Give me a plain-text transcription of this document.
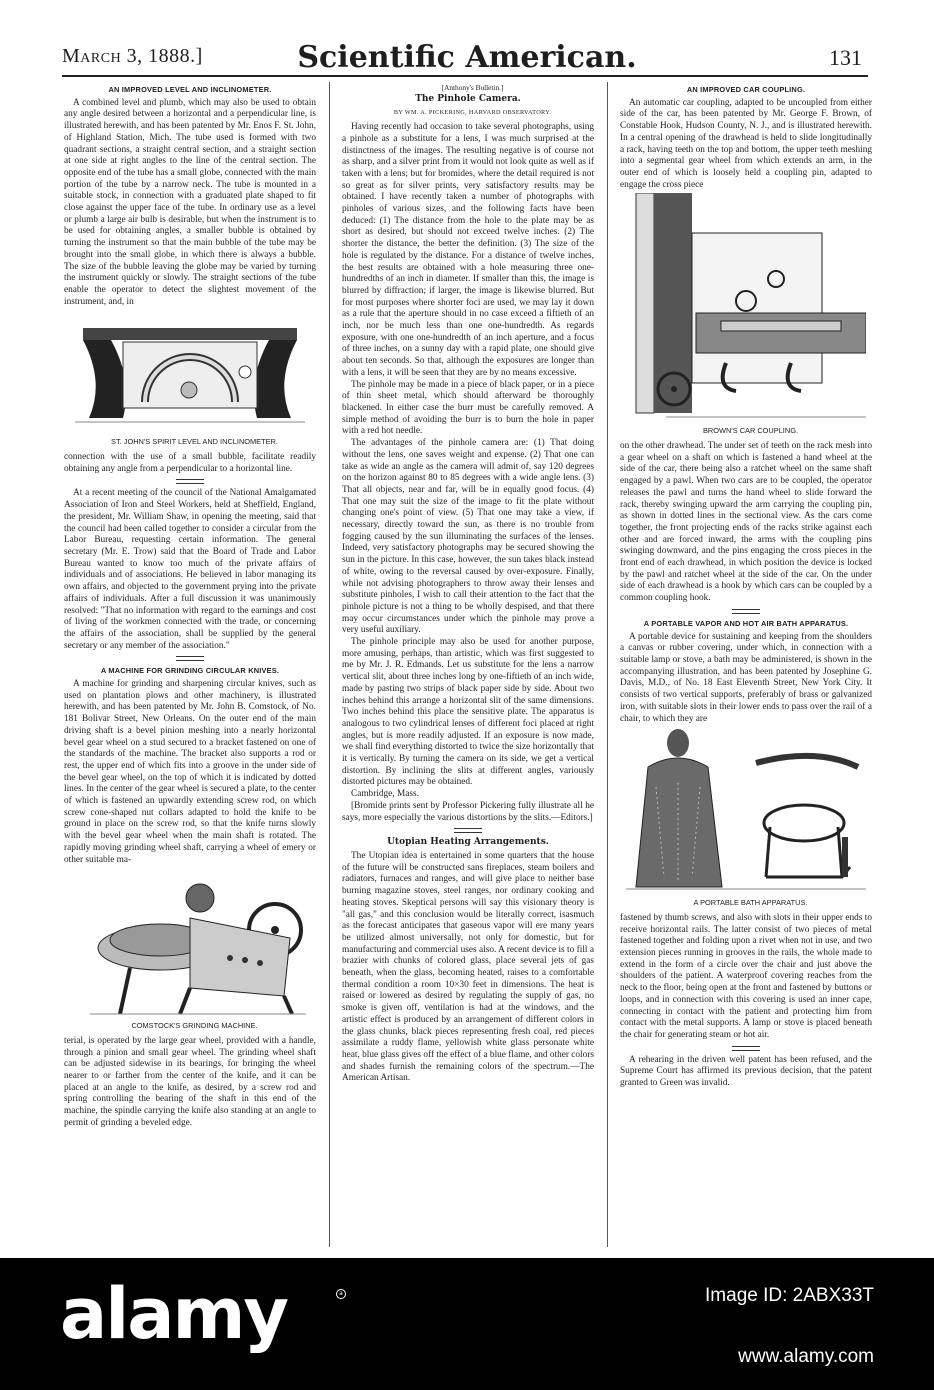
March 3, 1888.]	Scientific American.	131
AN IMPROVED LEVEL AND INCLINOMETER.

A combined level and plumb, which may also be used to obtain any angle desired between a horizontal and a perpendicular line, is illustrated herewith, and has been patented by Mr. Enos F. St. John, of Highland Station, Mich. The tube used is formed with two quadrant sections, a straight central section, and a straight section at one side at right angles to the line of the central section. The opposite end of the tube has a small globe, connected with the main portion of the tube by a narrow neck. The tube is mounted in a suitable stock, in connection with a graduated plate shaped to fit close against the upper face of the tube. In ordinary use as a level or plumb a large air bulb is desirable, but when the instrument is to be used for obtaining angles, a smaller bubble is obtained by turning the instrument so that the main bubble of the tube may be brought into the small globe, in which there is always a bubble. The size of the bubble leaving the globe may be varied by turning the instrument quickly or slowly. The straight sections of the tube enable the operator to detect the slightest movement of the instrument, and, in

ST. JOHN'S SPIRIT LEVEL AND INCLINOMETER.

connection with the use of a small bubble, facilitate readily obtaining any angle from a perpendicular to a horizontal line.

At a recent meeting of the council of the National Amalgamated Association of Iron and Steel Workers, held at Sheffield, England, the president, Mr. William Shaw, in opening the meeting, said that the council had been called together to consider a circular from the Labor Bureau, requesting certain information. The general secretary (Mr. E. Trow) said that the Board of Trade and Labor Bureau wanted to know too much of the private affairs of individuals and of associations. He believed in labor managing its own affairs, and objected to the government prying into the private affairs of individuals. After a full discussion it was unanimously resolved: "That no information with regard to the earnings and cost of living of the workmen connected with the trade, or concerning the affairs of the association, shall be supplied by the general secretary or any member of the association."

A MACHINE FOR GRINDING CIRCULAR KNIVES.

A machine for grinding and sharpening circular knives, such as used on plantation plows and other machinery, is illustrated herewith, and has been patented by Mr. John B. Comstock, of No. 181 Bolivar Street, New Orleans. On the outer end of the main driving shaft is a bevel pinion meshing into a nearly horizontal bevel gear wheel on a stud secured to a bracket fastened on one of the standards of the machine. The bracket also supports a rod or rest, the upper end of which fits into a groove in the under side of the bevel gear wheel, on the top of which it is indicated by dotted lines. In the center of the gear wheel is secured a plate, to the center of which is fastened an upwardly extending screw rod, on which screw cone-shaped nut collars adapted to hold the knife to be ground in place on the screw rod, so that the knife turns slowly with the bevel gear wheel when the main shaft is rotated. The rapidly moving grinding wheel shaft, carrying a wheel of emery or other suitable ma-

COMSTOCK'S GRINDING MACHINE.

terial, is operated by the large gear wheel, provided with a handle, through a pinion and small gear wheel. The grinding wheel shaft can be adjusted sidewise in its bearings, for bringing the wheel nearer to or farther from the center of the knife, and it can be placed at an angle to the knife, as desired, by a screw rod and spring controlling the bearing of the shaft in this end of the machine, the spindle carrying the knife also standing at an angle to permit of grinding a beveled edge.

[Anthony's Bulletin.]

The Pinhole Camera.

BY WM. A. PICKERING, HARVARD OBSERVATORY.

Having recently had occasion to take several photographs, using a pinhole as a substitute for a lens, I was much surprised at the distinctness of the images. The resulting negative is of course not as sharp, and a silver print from it would not look quite as well as if taken with a lens; but for bromides, where the detail required is not so great as for silver prints, very satisfactory results may be obtained. I have recently taken a number of photographs with pinholes of various sizes, and the following facts have been deduced: (1) The distance from the hole to the plate may be as short as desired, but should not exceed twelve inches. (2) The shorter the distance, the better the definition. (3) The size of the hole is regulated by the distance. For a distance of twelve inches, the best results are obtained with a hole measuring three one-hundredths of an inch in diameter. If smaller than this, the image is blurred by diffraction; if larger, the image is likewise blurred. But for most purposes where shorter foci are used, we may lay it down as a rule that the aperture should in no case exceed a fiftieth of an inch, nor be much less than one one-hundredth. As regards exposure, with one one-hundredth of an inch aperture, and a focus of three inches, on a sunny day with a rapid plate, one should give about ten seconds. So that, although the exposures are longer than with a lens, it will be seen that they are by no means excessive.

The pinhole may be made in a piece of black paper, or in a piece of thin sheet metal, which should afterward be thoroughly blackened. In either case the burr must be carefully removed. A simple method of avoiding the burr is to burn the hole in paper with a red hot needle.

The advantages of the pinhole camera are: (1) That doing without the lens, one saves weight and expense. (2) That one can take as wide an angle as the camera will admit of, say 120 degrees on the horizon against 80 to 85 degrees with a wide angle lens. (3) That all objects, near and far, will be in equally good focus. (4) That one may suit the size of the image to fit the plate without changing one's point of view. (5) That one may take a view, if necessary, directly toward the sun, as there is no trouble from fogging caused by the sun illuminating the surfaces of the lenses. Indeed, very satisfactory photographs may be secured showing the sun in the picture. In this case, however, the sun takes black instead of white, owing to the reversal caused by over-exposure. Finally, while not advising photographers to throw away their lenses and substitute pinholes, I wish to call their attention to the fact that the pinhole picture is not a thing to be wholly despised, and that there may occur circumstances under which the pinhole may prove a very useful auxiliary.

The pinhole principle may also be used for another purpose, more amusing, perhaps, than artistic, which was first suggested to me by Mr. J. R. Edmands. Let us substitute for the lens a narrow vertical slit, about three inches long by one-fiftieth of an inch wide, made by pasting two strips of black paper side by side. About two inches behind this arrange a horizontal slit of the same dimensions. Two inches behind this place the sensitive plate. The apparatus is analogous to two cylindrical lenses of different foci placed at right angles, but is more readily adjusted. If an exposure is now made, we shall find everything distorted to twice the size horizontally that it is vertically. By turning the camera on its side, we get a vertical distortion. By inclining the slits at different angles, variously distorted pictures may be obtained.

Cambridge, Mass.

[Bromide prints sent by Professor Pickering fully illustrate all he says, more especially the various distortions by the slits.—Editors.]

Utopian Heating Arrangements.

The Utopian idea is entertained in some quarters that the house of the future will be constructed sans fireplaces, steam boilers and radiators, furnaces and ranges, and will give place to neither base burning magazine stoves, steel ranges, nor ordinary cooking and heating stoves. Skeptical persons will say this visionary theory is "all gas," and this conclusion would be literally correct, isasmuch as the forecast anticipates that gaseous vapor will ere many years be utilized almost universally, not only for domestic, but for manufacturing and commercial uses also. A recent device is to fill a brazier with chunks of colored glass, place several jets of gas beneath, when the glass, becoming heated, raises to a comfortable thermal condition a room 10×30 feet in dimensions. The heat is raised or lowered as desired by regulating the supply of gas, no smoke is given off, ventilation is had at the windows, and the artistic effect is produced by an arrangement of different colors in the glass chunks, black pieces representing fresh coal, red pieces assimilate a ruddy flame, yellowish white glass personate white heat, blue glass gives off the effect of a blue flame, and other colors and shades furnish the remaining colors of the spectrum.—The American Artisan.

AN IMPROVED CAR COUPLING.

An automatic car coupling, adapted to be uncoupled from either side of the car, has been patented by Mr. George F. Brown, of Constable Hook, Hudson County, N. J., and is illustrated herewith. In a central opening of the drawhead is held to slide longitudinally a rack, having teeth on the top and bottom, the upper teeth meshing into a segmental gear wheel from which extends an arm, in the outer end of which is loosely held a coupling pin, adapted to engage the cross piece

BROWN'S CAR COUPLING.

on the other drawhead. The under set of teeth on the rack mesh into a gear wheel on a shaft on which is fastened a hand wheel at the side of the car, there being also a ratchet wheel on the same shaft engaged by a pawl. When two cars are to be coupled, the operator releases the pawl and turns the hand wheel to slide forward the rack, thereby swinging upward the arm carrying the coupling pin, as shown in dotted lines in the sectional view. As the cars come together, the front projecting ends of the racks strike against each other and are forced inward, the arms with the coupling pins swinging downward, and the pins engaging the cross pieces in the front end of each drawhead, in which position the device is locked by the pawl and ratchet wheel at the side of the car. On the under side of each drawhead is a hook by which cars can be coupled by a common coupling hook.

A PORTABLE VAPOR AND HOT AIR BATH APPARATUS.

A portable device for sustaining and keeping from the shoulders a canvas or rubber covering, under which, in connection with a suitable lamp or stove, a bath may be administered, is shown in the accompanying illustration, and has been patented by Josephine G. Davis, M.D., of No. 18 East Eleventh Street, New York City. It consists of two vertical supports, preferably of brass or galvanized iron, with suitable slots in their lower ends to pass over the rail of a chair, to which they are

A PORTABLE BATH APPARATUS.

fastened by thumb screws, and also with slots in their upper ends to receive horizontal rails. The latter consist of two pieces of metal fastened together and folding upon a rivet when not in use, and two extension pieces running in grooves in the rails, the whole made to extend in the form of a circle over the chair and just above the shoulders of the patient. A waterproof covering reaches from the neck to the floor, being open at the front and fastened by buttons or loops, and in connection with this covering is used an inner cape, connecting in contact with the patient and protecting him from contact with the metal supports. A lamp or stove is placed beneath the chair for generating steam or hot air.

A rehearing in the driven well patent has been refused, and the Supreme Court has affirmed its previous decision, that the patent granted to Green was invalid.

alamy	a	Image ID: 2ABX33T
www.alamy.com
